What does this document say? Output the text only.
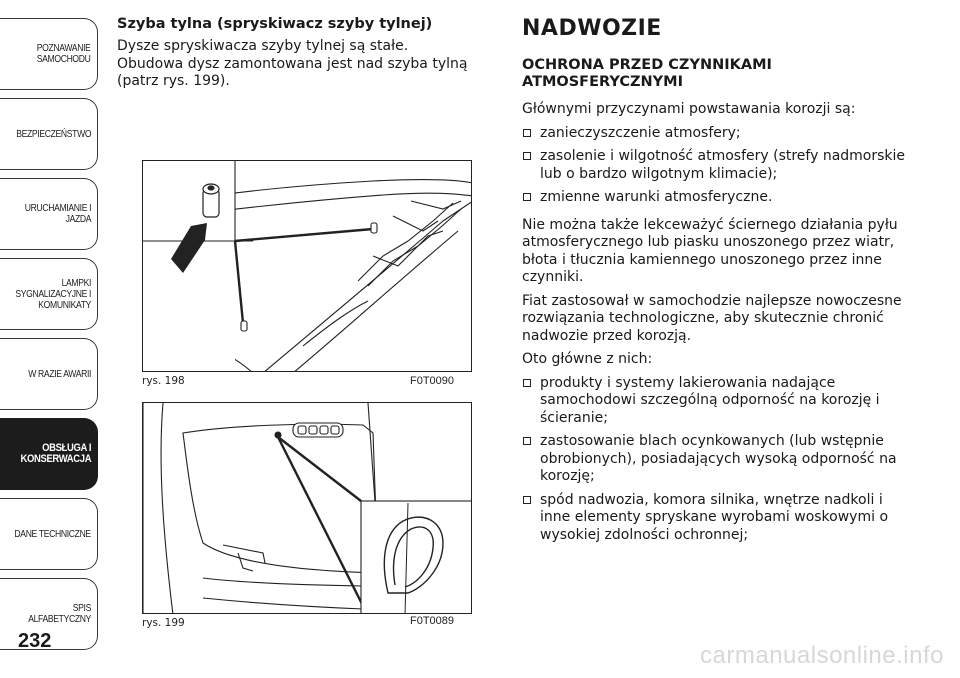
POZNAWANIE
SAMOCHODU
BEZPIECZEŃSTWO
URUCHAMIANIE I
JAZDA
LAMPKI
SYGNALIZACYJNE I
KOMUNIKATY
W RAZIE AWARII
OBSŁUGA I
KONSERWACJA
DANE TECHNICZNE
SPIS ALFABETYCZNY
232
Szyba tylna (spryskiwacz szyby tylnej)

Dysze spryskiwacza szyby tylnej są stałe. Obudowa dysz zamontowana jest nad szyba tylną (patrz rys. 199).

rys. 198	F0T0090
rys. 199	F0T0089
NADWOZIE
OCHRONA PRZED CZYNNIKAMI ATMOSFERYCZNYMI

Głównymi przyczynami powstawania korozji są:

zanieczyszczenie atmosfery;
zasolenie i wilgotność atmosfery (strefy nadmorskie lub o bardzo wilgotnym klimacie);
zmienne warunki atmosferyczne.

Nie można także lekceważyć ściernego działania pyłu atmosferycznego lub piasku unoszonego przez wiatr, błota i tłucznia kamiennego unoszonego przez inne czynniki.

Fiat zastosował w samochodzie najlepsze nowoczesne rozwiązania technologiczne, aby skutecznie chronić nadwozie przed korozją.

Oto główne z nich:

produkty i systemy lakierowania nadające samochodowi szczególną odporność na korozję i ścieranie;
zastosowanie blach ocynkowanych (lub wstępnie obrobionych), posiadających wysoką odporność na korozję;
spód nadwozia, komora silnika, wnętrze nadkoli i inne elementy spryskane wyrobami woskowymi o wysokiej zdolności ochronnej;
carmanualsonline.info
